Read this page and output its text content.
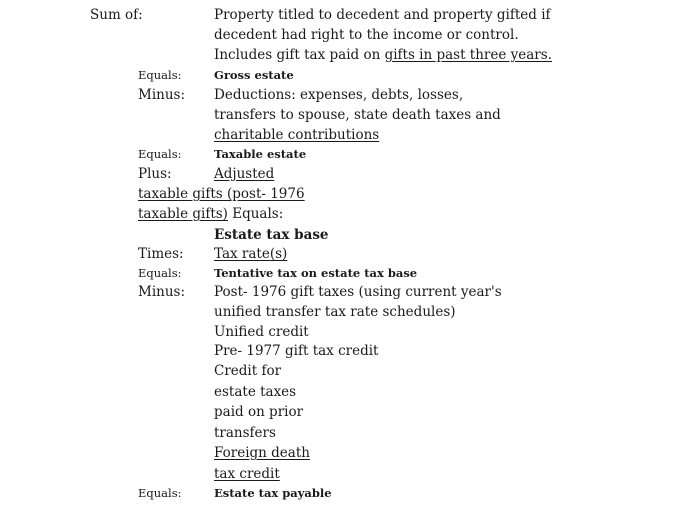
Sum of:	Property titled to decedent and property gifted if
decedent had right to the income or control.
Includes gift tax paid on gifts in past three years.
Equals:	Gross estate
Minus: Deductions: expenses, debts, losses,
transfers to spouse, state death taxes and
charitable contributions
Equals:	Taxable estate
Plus:	Adjusted
taxable gifts (post- 1976
taxable gifts) Equals:
Estate tax base
Times: Tax rate(s)
Equals:	Tentative tax on estate tax base
Minus: Post- 1976 gift taxes (using current year's
unified transfer tax rate schedules)
Unified credit
Pre- 1977 gift tax credit
Credit for
estate taxes
paid on prior
transfers
Foreign death
tax credit
Equals:	Estate tax payable
